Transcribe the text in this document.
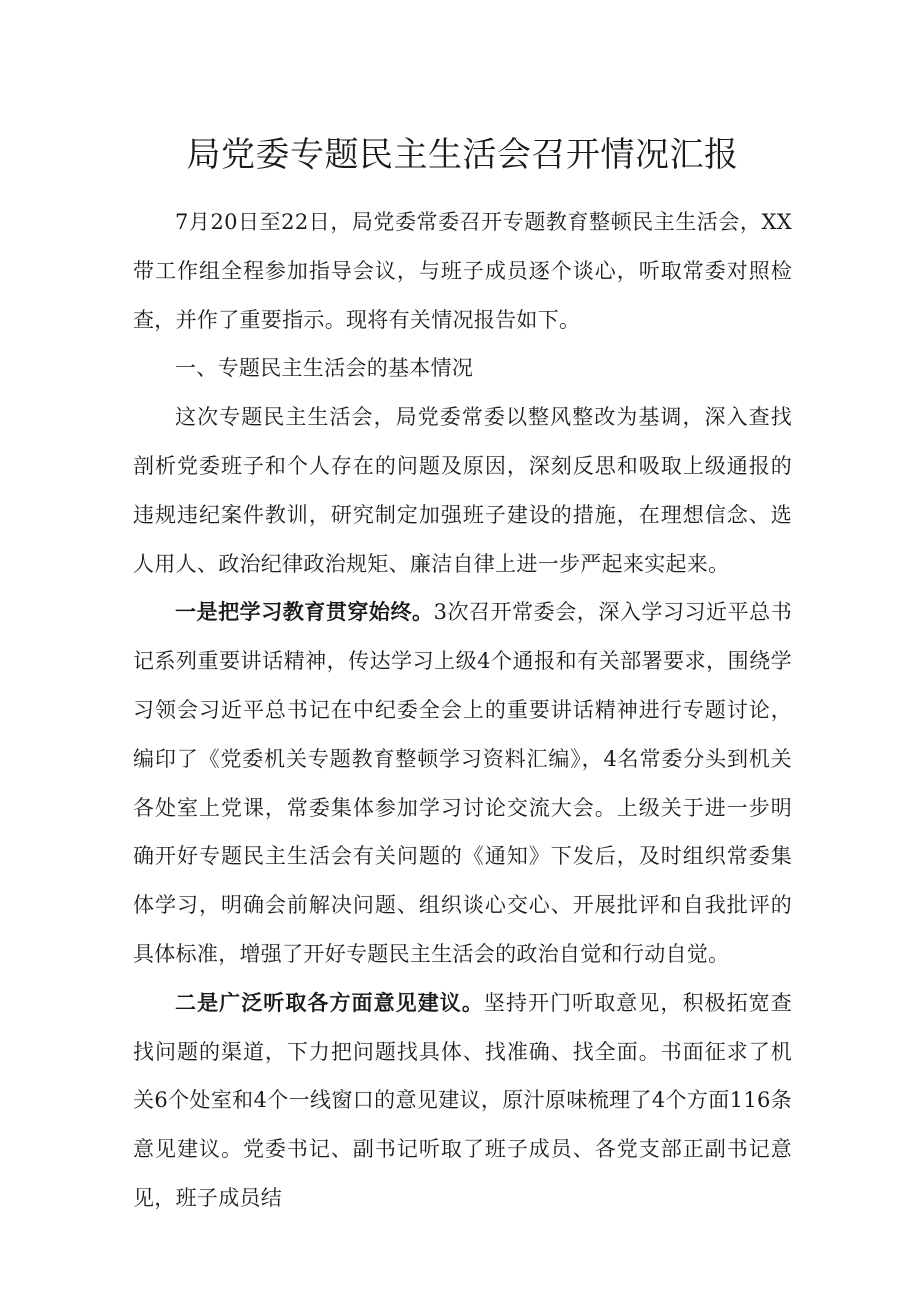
局党委专题民主生活会召开情况汇报

7月20日至22日，局党委常委召开专题教育整顿民主生活会，XX带工作组全程参加指导会议，与班子成员逐个谈心，听取常委对照检查，并作了重要指示。现将有关情况报告如下。

一、专题民主生活会的基本情况

这次专题民主生活会，局党委常委以整风整改为基调，深入查找剖析党委班子和个人存在的问题及原因，深刻反思和吸取上级通报的违规违纪案件教训，研究制定加强班子建设的措施，在理想信念、选人用人、政治纪律政治规矩、廉洁自律上进一步严起来实起来。

一是把学习教育贯穿始终。3次召开常委会，深入学习习近平总书记系列重要讲话精神，传达学习上级4个通报和有关部署要求，围绕学习领会习近平总书记在中纪委全会上的重要讲话精神进行专题讨论，编印了《党委机关专题教育整顿学习资料汇编》，4名常委分头到机关各处室上党课，常委集体参加学习讨论交流大会。上级关于进一步明确开好专题民主生活会有关问题的《通知》下发后，及时组织常委集体学习，明确会前解决问题、组织谈心交心、开展批评和自我批评的具体标准，增强了开好专题民主生活会的政治自觉和行动自觉。

二是广泛听取各方面意见建议。坚持开门听取意见，积极拓宽查找问题的渠道，下力把问题找具体、找准确、找全面。书面征求了机关6个处室和4个一线窗口的意见建议，原汁原味梳理了4个方面116条意见建议。党委书记、副书记听取了班子成员、各党支部正副书记意见，班子成员结
